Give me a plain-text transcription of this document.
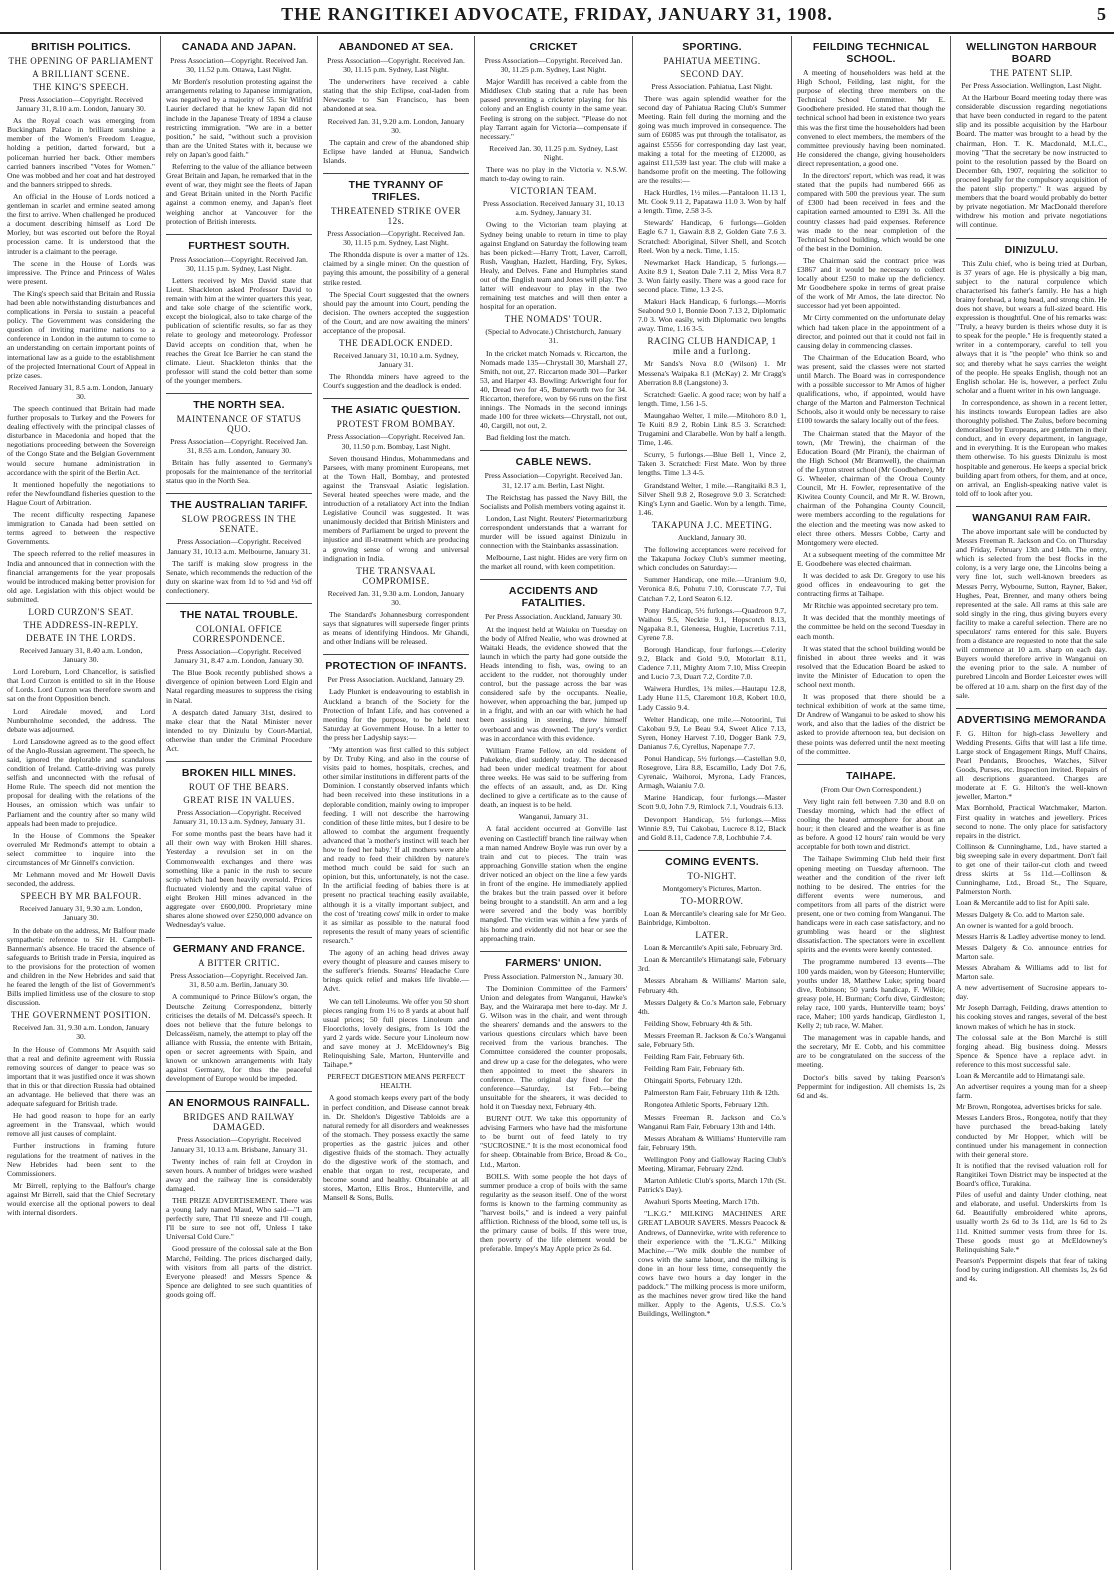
THE RANGITIKEI ADVOCATE, FRIDAY, JANUARY 31, 1908.	5
BRITISH POLITICS.
THE OPENING OF PARLIAMENT
A BRILLIANT SCENE.
THE KING'S SPEECH.

Press Association—Copyright. Received January 31, 8.10 a.m. London, January 30.

As the Royal coach was emerging from Buckingham Palace in brilliant sunshine a member of the Women's Freedom League, holding a petition, darted forward, but a policeman hurried her back. Other members carried banners inscribed "Votes for Women." One was mobbed and her coat and hat destroyed and the banners stripped to shreds.

An official in the House of Lords noticed a gentleman in scarlet and ermine seated among the first to arrive. When challenged he produced a document describing himself as Lord De Morley, but was escorted out before the Royal procession came. It is understood that the intruder is a claimant to the peerage.

The scene in the House of Lords was impressive. The Prince and Princess of Wales were present.

The King's speech said that Britain and Russia had been able notwithstanding disturbances and complications in Persia to sustain a peaceful policy. The Government was considering the question of inviting maritime nations to a conference in London in the autumn to come to an understanding on certain important points of international law as a guide to the establishment of the projected International Court of Appeal in prize cases.

Received January 31, 8.5 a.m. London, January 30.

The speech continued that Britain had made further proposals to Turkey and the Powers for dealing effectively with the principal classes of disturbance in Macedonia and hoped that the negotiations proceeding between the Sovereign of the Congo State and the Belgian Government would secure humane administration in accordance with the spirit of the Berlin Act.

It mentioned hopefully the negotiations to refer the Newfoundland fisheries question to the Hague Court of Arbitration.

The recent difficulty respecting Japanese immigration to Canada had been settled on terms agreed to between the respective Governments.

The speech referred to the relief measures in India and announced that in connection with the financial arrangements for the year proposals would be introduced making better provision for old age. Legislation with this object would be submitted.

LORD CURZON'S SEAT.
THE ADDRESS-IN-REPLY.
DEBATE IN THE LORDS.

Received January 31, 8.40 a.m. London, January 30.

Lord Loreburn, Lord Chancellor, is satisfied that Lord Curzon is entitled to sit in the House of Lords. Lord Curzon was therefore sworn and sat on the front Opposition bench.

Lord Airedale moved, and Lord Nunburnholme seconded, the address. The debate was adjourned.

Lord Lansdowne agreed as to the good effect of the Anglo-Russian agreement. The speech, he said, ignored the deplorable and scandalous condition of Ireland. Cattle-driving was purely selfish and unconnected with the refusal of Home Rule. The speech did not mention the proposal for dealing with the relations of the Houses, an omission which was unfair to Parliament and the country after so many wild appeals had been made to prejudice.

In the House of Commons the Speaker overruled Mr Redmond's attempt to obtain a select committee to inquire into the circumstances of Mr Ginnell's conviction.

Mr Lehmann moved and Mr Howell Davis seconded, the address.

SPEECH BY MR BALFOUR.

Received January 31, 9.30 a.m. London, January 30.

In the debate on the address, Mr Balfour made sympathetic reference to Sir H. Campbell-Bannerman's absence. He traced the absence of safeguards to British trade in Persia, inquired as to the provisions for the protection of women and children in the New Hebrides and said that he feared the length of the list of Government's Bills implied limitless use of the closure to stop discussion.

THE GOVERNMENT POSITION.

Received Jan. 31, 9.30 a.m. London, January 30.

In the House of Commons Mr Asquith said that a real and definite agreement with Russia removing sources of danger to peace was so important that it was justified once it was shown that in this or that direction Russia had obtained an advantage. He believed that there was an adequate safeguard for British trade.

He had good reason to hope for an early agreement in the Transvaal, which would remove all just causes of complaint.

Further instructions in framing future regulations for the treatment of natives in the New Hebrides had been sent to the Commissioners.

Mr Birrell, replying to the Balfour's charge against Mr Birrell, said that the Chief Secretary would exercise all the optional powers to deal with internal disorders.

CANADA AND JAPAN.

Press Association—Copyright. Received Jan. 30, 11.52 p.m. Ottawa, Last Night.

Mr Borden's resolution protesting against the arrangements relating to Japanese immigration, was negatived by a majority of 55. Sir Wilfrid Laurier declared that he knew Japan did not include in the Japanese Treaty of 1894 a clause restricting immigration. "We are in a better position," he said, "without such a provision than are the United States with it, because we rely on Japan's good faith."

Referring to the value of the alliance between Great Britain and Japan, he remarked that in the event of war, they might see the fleets of Japan and Great Britain united in the North Pacific against a common enemy, and Japan's fleet weighing anchor at Vancouver for the protection of British interests.

FURTHEST SOUTH.

Press Association—Copyright. Received Jan. 30, 11.15 p.m. Sydney, Last Night.

Letters received by Mrs David state that Lieut. Shackleton asked Professor David to remain with him at the winter quarters this year, and take sole charge of the scientific work, except the biological, also to take charge of the publication of scientific results, so far as they relate to geology and meteorology. Professor David accepts on condition that, when he reaches the Great Ice Barrier he can stand the climate. Lieut. Shackleton thinks that the professor will stand the cold better than some of the younger members.

THE NORTH SEA.
MAINTENANCE OF STATUS QUO.

Press Association—Copyright. Received Jan. 31, 8.55 a.m. London, January 30.

Britain has fully assented to Germany's proposals for the maintenance of the territorial status quo in the North Sea.

THE AUSTRALIAN TARIFF.
SLOW PROGRESS IN THE SENATE.

Press Association—Copyright. Received January 31, 10.13 a.m. Melbourne, January 31.

The tariff is making slow progress in the Senate, which recommends the reduction of the duty on skarine wax from 1d to ½d and ⅓d off confectionery.

THE NATAL TROUBLE.
COLONIAL OFFICE CORRESPONDENCE.

Press Association—Copyright. Received January 31, 8.47 a.m. London, January 30.

The Blue Book recently published shows a divergence of opinion between Lord Elgin and Natal regarding measures to suppress the rising in Natal.

A despatch dated January 31st, desired to make clear that the Natal Minister never intended to try Dinizulu by Court-Martial, otherwise than under the Criminal Procedure Act.

BROKEN HILL MINES.
ROUT OF THE BEARS.
GREAT RISE IN VALUES.

Press Association—Copyright. Received January 31, 10.13 a.m. Sydney, January 31.

For some months past the bears have had it all their own way with Broken Hill shares. Yesterday a revulsion set in on the Commonwealth exchanges and there was something like a panic in the rush to secure scrip which had been heavily oversold. Prices fluctuated violently and the capital value of eight Broken Hill mines advanced in the aggregate over £600,000. Proprietary mine shares alone showed over £250,000 advance on Wednesday's value.

GERMANY AND FRANCE.
A BITTER CRITIC.

Press Association—Copyright. Received Jan. 31, 8.50 a.m. Berlin, January 30.

A communiqué to Prince Bülow's organ, the Deutsche Zeitung Correspondenz, bitterly criticises the details of M. Delcassé's speech. It does not believe that the future belongs to Delcasséism, namely, the attempt to play off the alliance with Russia, the entente with Britain, open or secret agreements with Spain, and known or unknown arrangements with Italy against Germany, for thus the peaceful development of Europe would be impeded.

AN ENORMOUS RAINFALL.
BRIDGES AND RAILWAY DAMAGED.

Press Association—Copyright. Received January 31, 10.13 a.m. Brisbane, January 31.

Twenty inches of rain fell at Croydon in seven hours. A number of bridges were washed away and the railway line is considerably damaged.

THE PRIZE ADVERTISEMENT. There was a young lady named Maud, Who said—"I am perfectly sure, That I'll sneeze and I'll cough, I'll be sure to see not off, Unless I take Universal Cold Cure."

Good pressure of the colossal sale at the Bon Marché, Feilding. The prices discharged daily, with visitors from all parts of the district. Everyone pleased! and Messrs Spence & Spence are delighted to see such quantities of goods going off.

ABANDONED AT SEA.

Press Association—Copyright. Received Jan. 30, 11.15 p.m. Sydney, Last Night.

The underwriters have received a cable stating that the ship Eclipse, coal-laden from Newcastle to San Francisco, has been abandoned at sea.

Received Jan. 31, 9.20 a.m. London, January 30.

The captain and crew of the abandoned ship Eclipse have landed at Hunua, Sandwich Islands.

THE TYRANNY OF TRIFLES.
THREATENED STRIKE OVER 12s.

Press Association—Copyright. Received Jan. 30, 11.15 p.m. Sydney, Last Night.

The Rhondda dispute is over a matter of 12s. claimed by a single miner. On the question of paying this amount, the possibility of a general strike rested.

The Special Court suggested that the owners should pay the amount into Court, pending the decision. The owners accepted the suggestion of the Court, and are now awaiting the miners' acceptance of the proposal.

THE DEADLOCK ENDED.

Received January 31, 10.10 a.m. Sydney, January 31.

The Rhondda miners have agreed to the Court's suggestion and the deadlock is ended.

THE ASIATIC QUESTION.
PROTEST FROM BOMBAY.

Press Association—Copyright. Received Jan. 30, 11.50 p.m. Bombay, Last Night.

Seven thousand Hindus, Mohammedans and Parsees, with many prominent Europeans, met at the Town Hall, Bombay, and protested against the Transvaal Asiatic legislation. Several heated speeches were made, and the introduction of a retaliatory Act into the Indian Legislative Council was suggested. It was unanimously decided that British Ministers and members of Parliament be urged to prevent the injustice and ill-treatment which are producing a growing sense of wrong and universal indignation in India.

THE TRANSVAAL COMPROMISE.

Received Jan. 31, 9.30 a.m. London, January 30.

The Standard's Johannesburg correspondent says that signatures will supersede finger prints as means of identifying Hindoos. Mr Ghandi, and other Indians will be released.

PROTECTION OF INFANTS.

Per Press Association. Auckland, January 29.

Lady Plunket is endeavouring to establish in Auckland a branch of the Society for the Protection of Infant Life, and has convened a meeting for the purpose, to be held next Saturday at Government House. In a letter to the press her Ladyship says:—

"My attention was first called to this subject by Dr. Truby King, and also in the course of visits paid to homes, hospitals, creches, and other similar institutions in different parts of the Dominion. I constantly observed infants which had been received into these institutions in a deplorable condition, mainly owing to improper feeding. I will not describe the harrowing condition of these little mites, but I desire to be allowed to combat the argument frequently advanced that 'a mother's instinct will teach her how to feed her baby.' If all mothers were able and ready to feed their children by nature's method much could be said for such an opinion, but this, unfortunately, is not the case. In the artificial feeding of babies there is at present no practical teaching easily available, although it is a vitally important subject, and the cost of 'treating cows' milk in order to make it as similar as possible to the natural food represents the result of many years of scientific research."

The agony of an aching head drives away every thought of pleasure and causes misery to the sufferer's friends. Stearns' Headache Cure brings quick relief and makes life livable.—Advt.

We can tell Linoleums. We offer you 50 short pieces ranging from 1½ to 8 yards at about half usual prices; 50 full pieces Linoleum and Floorcloths, lovely designs, from 1s 10d the yard 2 yards wide. Secure your Linoleum now and save money at J. McEldowney's Big Relinquishing Sale, Marton, Hunterville and Taihape.*

PERFECT DIGESTION MEANS PERFECT HEALTH.

A good stomach keeps every part of the body in perfect condition, and Disease cannot break in. Dr. Sheldon's Digestive Tabloids are a natural remedy for all disorders and weaknesses of the stomach. They possess exactly the same properties as the gastric juices and other digestive fluids of the stomach. They actually do the digestive work of the stomach, and enable that organ to rest, recuperate, and become sound and healthy. Obtainable at all stores, Marton, Ellis Bros., Hunterville, and Mansell & Sons, Bulls.

CRICKET

Press Association—Copyright. Received Jan. 30, 11.25 p.m. Sydney, Last Night.

Major Wardill has received a cable from the Middlesex Club stating that a rule has been passed preventing a cricketer playing for his colony and an English county in the same year. Feeling is strong on the subject. "Please do not play Tarrant again for Victoria—compensate if necessary."

Received Jan. 30, 11.25 p.m. Sydney, Last Night.

There was no play in the Victoria v. N.S.W. match to-day owing to rain.

VICTORIAN TEAM.

Press Association. Received January 31, 10.13 a.m. Sydney, January 31.

Owing to the Victorian team playing at Sydney being unable to return in time to play against England on Saturday the following team has been picked:—Harry Trott, Laver, Carroll, Rush, Vaughan, Hazlett, Harding, Fry, Sykes, Healy, and Delves. Fane and Humphries stand out of the English team and Jones will play. The latter will endeavour to play in the two remaining test matches and will then enter a hospital for an operation.

THE NOMADS' TOUR.

(Special to Advocate.) Christchurch, January 31.

In the cricket match Nomads v. Riccarton, the Nomads made 135—Chrystall 30, Marshall 27, Smith, not out, 27. Riccarton made 301—Parker 53, and Harper 43. Bowling: Arkwright four for 40, Dread two for 45, Butterworth two for 34. Riccarton, therefore, won by 66 runs on the first innings. The Nomads in the second innings made 100 for three wickets—Chrystall, not out, 40, Cargill, not out, 2.

Bad fielding lost the match.

CABLE NEWS.

Press Association—Copyright. Received Jan. 31, 12.17 a.m. Berlin, Last Night.

The Reichstag has passed the Navy Bill, the Socialists and Polish members voting against it.

London, Last Night. Reuters' Pietermaritzburg correspondent understands that a warrant for murder will be issued against Dinizulu in connection with the Stainbanks assassination.

Melbourne, Last night. Hides are very firm on the market all round, with keen competition.

ACCIDENTS AND FATALITIES.

Per Press Association. Auckland, January 30.

At the inquest held at Waiuku on Tuesday on the body of Alfred Nealie, who was drowned at Waitaki Heads, the evidence showed that the launch in which the party had gone outside the Heads intending to fish, was, owing to an accident to the rudder, not thoroughly under control, but the passage across the bar was considered safe by the occupants. Nealie, however, when approaching the bar, jumped up in a fright, and with an oar with which he had been assisting in steering, threw himself overboard and was drowned. The jury's verdict was in accordance with this evidence.

William Frame Fellow, an old resident of Pukekohe, died suddenly today. The deceased had been under medical treatment for about three weeks. He was said to be suffering from the effects of an assault, and, as Dr. King declined to give a certificate as to the cause of death, an inquest is to be held.

Wanganui, January 31.

A fatal accident occurred at Gonville last evening on Castlecliff branch line railway when a man named Andrew Boyle was run over by a train and cut to pieces. The train was approaching Gonville station when the engine driver noticed an object on the line a few yards in front of the engine. He immediately applied the brakes but the train passed over it before being brought to a standstill. An arm and a leg were severed and the body was horribly mangled. The victim was within a few yards of his home and evidently did not hear or see the approaching train.

FARMERS' UNION.

Press Association. Palmerston N., January 30.

The Dominion Committee of the Farmers' Union and delegates from Wanganui, Hawke's Bay, and the Wairarapa met here to-day. Mr J. G. Wilson was in the chair, and went through the shearers' demands and the answers to the various questions circulars which have been received from the various branches. The Committee considered the counter proposals, and drew up a case for the delegates, who were then appointed to meet the shearers in conference. The original day fixed for the conference—Saturday, 1st Feb.—being unsuitable for the shearers, it was decided to hold it on Tuesday next, February 4th.

BURNT OUT. We take this opportunity of advising Farmers who have had the misfortune to be burnt out of feed lately to try "SUCROSINE." It is the most economical food for sheep. Obtainable from Brice, Broad & Co., Ltd., Marton.

BOILS. With some people the hot days of summer produce a crop of boils with the same regularity as the season itself. One of the worst forms is known to the farming community as "harvest boils," and is indeed a very painful affliction. Richness of the blood, some tell us, is the primary cause of boils. If this were true, then poverty of the life element would be preferable. Impey's May Apple price 2s 6d.

SPORTING.
PAHIATUA MEETING.
SECOND DAY.

Press Association. Pahiatua, Last Night.

There was again splendid weather for the second day of Pahiatua Racing Club's Summer Meeting. Rain fell during the morning and the going was much improved in consequence. The sum of £6085 was put through the totalisator, as against £5556 for corresponding day last year, making a total for the meeting of £12000, as against £11,539 last year. The club will make a handsome profit on the meeting. The following are the results:—

Hack Hurdles, 1½ miles.—Pantaloon 11.13 1, Mt. Cook 9.11 2, Papatawa 11.0 3. Won by half a length. Time, 2.58 3-5.

Stewards' Handicap, 6 furlongs—Golden Eagle 6.7 1, Gawain 8.8 2, Golden Gate 7.6 3. Scratched: Aboriginal, Silver Shell, and Scotch Reel. Won by a neck. Time, 1.15.

Newmarket Hack Handicap, 5 furlongs.—Axite 8.9 1, Seaton Dale 7.11 2, Miss Vera 8.7 3. Won fairly easily. There was a good race for second place. Time, 1.3 2-5.

Makuri Hack Handicap, 6 furlongs.—Morris Seabond 9.0 1, Bonnie Doon 7.13 2, Diplomatic 7.0 3. Won easily, with Diplomatic two lengths away. Time, 1.16 3-5.

RACING CLUB HANDICAP, 1 mile and a furlong.

Mr Sands's Nova 8.0 (Wilson) 1. Mr Messena's Waipaka 8.1 (McKay) 2. Mr Cragg's Aberration 8.8 (Langstone) 3.

Scratched: Gaelic. A good race; won by half a length. Time, 1.56 1-5.

Maungahao Welter, 1 mile.—Mitohoro 8.0 1, Te Kuiti 8.9 2, Robin Link 8.5 3. Scratched: Trugamini and Clarabelle. Won by half a length. Time, 1.46.

Scurry, 5 furlongs.—Blue Bell 1, Vince 2, Taken 3. Scratched: First Mate. Won by three lengths. Time 1.3 4-5.

Grandstand Welter, 1 mile.—Rangitaiki 8.3 1, Silver Shell 9.8 2, Rosegrove 9.0 3. Scratched: King's Lynn and Gaelic. Won by a length. Time, 1.46.

TAKAPUNA J.C. MEETING.

Auckland, January 30.

The following acceptances were received for the Takapuna Jockey Club's summer meeting, which concludes on Saturday:—

Summer Handicap, one mile.—Uranium 9.0, Veronica 8.6, Pohutu 7.10, Coruscate 7.7, Tui Catchan 7.2, Lord Seaton 6.12.

Pony Handicap, 5½ furlongs.—Quadroon 9.7, Waihou 9.5, Necktie 9.1, Hopscotch 8.13, Ngapaka 8.1, Gleneesa, Hughie, Lucretius 7.11, Cyrene 7.8.

Borough Handicap, four furlongs.—Celerity 9.2, Black and Gold 9.0, Motorlatt 8.11, Cadence 7.11, Mighty Atom 7.10, Miss Creepin and Lucio 7.3, Duart 7.2, Cordite 7.0.

Waiwera Hurdles, 1¾ miles.—Hautapu 12.8, Lady Hune 11.5, Claremont 10.8, Kobert 10.0, Lady Cassio 9.4.

Welter Handicap, one mile.—Notoorini, Tui Cakobau 9.9, Le Beau 9.4, Sweet Alice 7.13, Syren, Honey Harvest 7.10, Dogger Bank 7.9, Danianus 7.6, Cyrellus, Napenape 7.7.

Ponui Handicap, 5½ furlongs.—Castellan 9.0, Rosegrove, Lira 8.8, Escamillo, Lady Dot 7.6, Cyrenaic, Waihoroi, Myrona, Lady Frances, Armagh, Waianiu 7.0.

Marine Handicap, four furlongs.—Master Scott 9.0, John 7.9, Rimlock 7.1, Voudrais 6.13.

Devonport Handicap, 5½ furlongs.—Miss Winnie 8.9, Tui Cakobau, Lucrece 8.12, Black and Gold 8.11, Cadence 7.8, Lochbuhie 7.4.

COMING EVENTS.
TO-NIGHT.

Montgomery's Pictures, Marton.

TO-MORROW.

Loan & Mercantile's clearing sale for Mr Geo. Bainbridge, Kimbolton.

LATER.

Loan & Mercantile's Apiti sale, February 3rd.

Loan & Mercantile's Hirnatangi sale, February 3rd.

Messrs Abraham & Williams' Marton sale, February 4th.

Messrs Dalgety & Co.'s Marton sale, February 4th.

Feilding Show, February 4th & 5th.

Messrs Freeman R. Jackson & Co.'s Wanganui sale, February 5th.

Feilding Ram Fair, February 6th.

Feilding Ram Fair, February 6th.

Ohingaiti Sports, February 12th.

Palmerston Ram Fair, February 11th & 12th.

Rongotea Athletic Sports, February 12th.

Messrs Freeman R. Jackson and Co.'s Wanganui Ram Fair, February 13th and 14th.

Messrs Abraham & Williams' Hunterville ram fair, February 19th.

Wellington Pony and Galloway Racing Club's Meeting, Miramar, February 22nd.

Marton Athletic Club's sports, March 17th (St. Patrick's Day).

Awahuri Sports Meeting, March 17th.

"L.K.G." MILKING MACHINES ARE GREAT LABOUR SAVERS. Messrs Peacock & Andrews, of Dannevirke, write with reference to their experience with the "L.K.G." Milking Machine.—"We milk double the number of cows with the same labour, and the milking is done in an hour less time, consequently the cows have two hours a day longer in the paddock." The milking process is more uniform, as the machines never grow tired like the hand milker. Apply to the Agents, U.S.S. Co.'s Buildings, Wellington.*

FEILDING TECHNICAL SCHOOL.

A meeting of householders was held at the High School, Feilding, last night, for the purpose of electing three members on the Technical School Committee. Mr E. Goodbehere presided. He stated that though the technical school had been in existence two years this was the first time the householders had been convened to elect members, the members of the committee previously having been nominated. He considered the change, giving householders direct representation, a good one.

In the directors' report, which was read, it was stated that the pupils had numbered 666 as compared with 500 the previous year. The sum of £300 had been received in fees and the capitation earned amounted to £391 3s. All the country classes had paid expenses. Reference was made to the near completion of the Technical School building, which would be one of the best in the Dominion.

The Chairman said the contract price was £3867 and it would be necessary to collect locally about £250 to make up the deficiency. Mr Goodbehere spoke in terms of great praise of the work of Mr Amos, the late director. No successor had yet been appointed.

Mr Cirty commented on the unfortunate delay which had taken place in the appointment of a director, and pointed out that it could not fail in causing delay in commencing classes.

The Chairman of the Education Board, who was present, said the classes were not started until March. The Board was in correspondence with a possible successor to Mr Amos of higher qualifications, who, if appointed, would have charge of the Marton and Palmerston Technical Schools, also it would only be necessary to raise £100 towards the salary locally out of the fees.

The Chairman stated that the Mayor of the town, (Mr Trewin), the chairman of the Education Board (Mr Pirani), the chairman of the High School (Mr Bramwell), the chairman of the Lytton street school (Mr Goodbehere), Mr G. Wheeler, chairman of the Oroua County Council, Mr H. Fowler, representative of the Kiwitea County Council, and Mr R. W. Brown, chairman of the Pohangina County Council, were members according to the regulations for the election and the meeting was now asked to elect three others. Messrs Cobbe, Carty and Montgomery were elected.

At a subsequent meeting of the committee Mr E. Goodbehere was elected chairman.

It was decided to ask Dr. Gregory to use his good offices in endeavouring to get the contracting firms at Taihape.

Mr Ritchie was appointed secretary pro tem.

It was decided that the monthly meetings of the committee be held on the second Tuesday in each month.

It was stated that the school building would be finished in about three weeks and it was resolved that the Education Board be asked to invite the Minister of Education to open the school next month.

It was proposed that there should be a technical exhibition of work at the same time, Dr Andrew of Wanganui to be asked to show his work, and also that the ladies of the district be asked to provide afternoon tea, but decision on these points was deferred until the next meeting of the committee.

TAIHAPE.

(From Our Own Correspondent.)

Very light rain fell between 7.30 and 8.0 on Tuesday morning, which had the effect of cooling the heated atmosphere for about an hour; it then cleared and the weather is as fine as before. A good 12 hours' rain would be very acceptable for both town and district.

The Taihape Swimming Club held their first opening meeting on Tuesday afternoon. The weather and the condition of the river left nothing to be desired. The entries for the different events were numerous, and competitors from all parts of the district were present, one or two coming from Wanganui. The handicaps were in each case satisfactory, and no grumbling was heard or the slightest dissatisfaction. The spectators were in excellent spirits and the events were keenly contested.

The programme numbered 13 events—The 100 yards maiden, won by Gleeson; Hunterville; youths under 18, Matthew Luke; spring board dive, Robinson; 50 yards handicap, F. Wilkie; greasy pole, H. Burman; Corfu dive, Girdleston; relay race, 100 yards, Hunterville team; boys' race, Maher; 100 yards handicap, Girdleston 1, Kelly 2; tub race, W. Maher.

The management was in capable hands, and the secretary, Mr E. Cobb, and his committee are to be congratulated on the success of the meeting.

Doctor's bills saved by taking Pearson's Peppermint for indigestion. All chemists 1s, 2s 6d and 4s.

WELLINGTON HARBOUR BOARD
THE PATENT SLIP.

Per Press Association. Wellington, Last Night.

At the Harbour Board meeting today there was considerable discussion regarding negotiations that have been conducted in regard to the patent slip and its possible acquisition by the Harbour Board. The matter was brought to a head by the chairman, Hon. T. K. Macdonald, M.L.C., moving "That the secretary be now instructed to point to the resolution passed by the Board on December 6th, 1907, requiring the solicitor to proceed legally for the compulsory acquisition of the patent slip property." It was argued by members that the board would probably do better by private negotiation. Mr MacDonald therefore withdrew his motion and private negotiations will continue.

DINIZULU.

This Zulu chief, who is being tried at Durban, is 37 years of age. He is physically a big man, subject to the natural corpulence which characterised his father's family. He has a high brainy forehead, a long head, and strong chin. He does not shave, but wears a full-sized beard. His expression is thoughtful. One of his remarks was: "Truly, a heavy burden is theirs whose duty it is to speak for the people." He is frequently stated a writer in a contemporary, careful to tell you always that it is "the people" who think so and so; and thereby what he says carries the weight of the people. He speaks English, though not an English scholar. He is, however, a perfect Zulu scholar and a fluent writer in his own language.

In correspondence, as shown in a recent letter, his instincts towards European ladies are also thoroughly polished. The Zulus, before becoming demoralised by Europeans, are gentlemen in their conduct, and in every department, in language, and in everything. It is the European who makes them otherwise. To his guests Dinizulu is most hospitable and generous. He keeps a special brick building apart from others, for them, and at once, on arrival, an English-speaking native valet is told off to look after you.

WANGANUI RAM FAIR.

The above important sale will be conducted by Messrs Freeman R. Jackson and Co. on Thursday and Friday, February 13th and 14th. The entry, which is selected from the best flocks in the colony, is a very large one, the Lincolns being a very fine lot, such well-known breeders as Messrs Perry, Wybourne, Sutton, Rayner, Baker, Hughes, Peat, Brenner, and many others being represented at the sale. All rams at this sale are sold singly in the ring, thus giving buyers every facility to make a careful selection. There are no speculators' rams entered for this sale. Buyers from a distance are requested to note that the sale will commence at 10 a.m. sharp on each day. Buyers would therefore arrive in Wanganui on the evening prior to the sale. A number of purebred Lincoln and Border Leicester ewes will be offered at 10 a.m. sharp on the first day of the sale.

ADVERTISING MEMORANDA

F. G. Hilton for high-class Jewellery and Wedding Presents. Gifts that will last a life time. Large stock of Engagement Rings, Muff Chains, Pearl Pendants, Brooches, Watches, Silver Goods, Purses, etc. Inspection invited. Repairs of all descriptions guaranteed. Charges are moderate at F. G. Hilton's the well-known jeweller, Marton.*

Max Bornhold, Practical Watchmaker, Marton. First quality in watches and jewellery. Prices second to none. The only place for satisfactory repairs in the district.

Collinson & Cunninghame, Ltd., have started a big sweeping sale in every department. Don't fail to get one of their tailor-cut cloth and tweed dress skirts at 5s 11d.—Collinson & Cunninghame, Ltd., Broad St., The Square, Palmerston North.

Loan & Mercantile add to list for Apiti sale.

Messrs Dalgety & Co. add to Marton sale.

An owner is wanted for a gold brooch.

Messrs Harris & Ladley advertise money to lend.

Messrs Dalgety & Co. announce entries for Marton sale.

Messrs Abraham & Williams add to list for Marton sale.

A new advertisement of Sucrosine appears to-day.

Mr Joseph Darragh, Feilding, draws attention to his cooking stoves and ranges, several of the best known makes of which he has in stock.

The colossal sale at the Bon Marché is still forging ahead. Big business doing. Messrs Spence & Spence have a replace advt. in reference to this most successful sale.

Loan & Mercantile add to Hirnatangi sale.

An advertiser requires a young man for a sheep farm.

Mr Brown, Rongotea, advertises bricks for sale.

Messrs Landers Bros., Rongotea, notify that they have purchased the bread-baking lately conducted by Mr Hopper, which will be continued under his management in connection with their general store.

It is notified that the revised valuation roll for Rangitikei Town District may be inspected at the Board's office, Turakina.

Piles of useful and dainty Under clothing, neat and elaborate, and useful. Underskirts from 1s 6d. Beautifully embroidered white aprons, usually worth 2s 6d to 3s 11d, are 1s 6d to 2s 11d. Knitted summer vests from three for 1s. These goods must go at McEldowney's Relinquishing Sale.*

Pearson's Peppermint dispels that fear of taking food by curing indigestion. All chemists 1s, 2s 6d and 4s.
